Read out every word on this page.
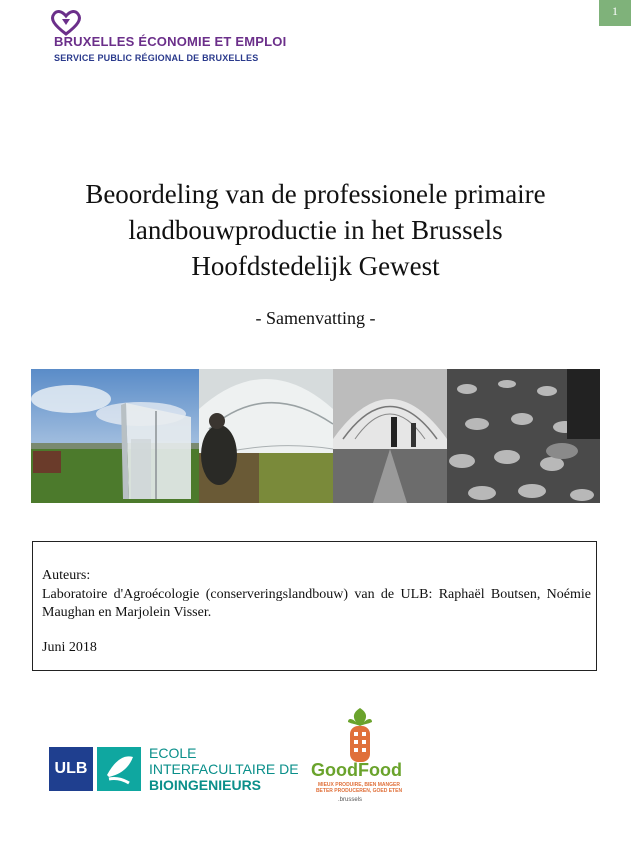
BRUXELLES ÉCONOMIE ET EMPLOI
SERVICE PUBLIC RÉGIONAL DE BRUXELLES
1
Beoordeling van de professionele primaire
landbouwproductie in het Brussels
Hoofdstedelijk Gewest
- Samenvatting -
Auteurs:
Laboratoire d'Agroécologie (conserveringslandbouw) van de ULB: Raphaël Boutsen, Noémie Maughan en Marjolein Visser.
Juni 2018
ULB
ECOLE
INTERFACULTAIRE DE
BIOINGENIEURS
GoodFood
MIEUX PRODUIRE, BIEN MANGER BETER PRODUCEREN, GOED ETEN
.brussels
